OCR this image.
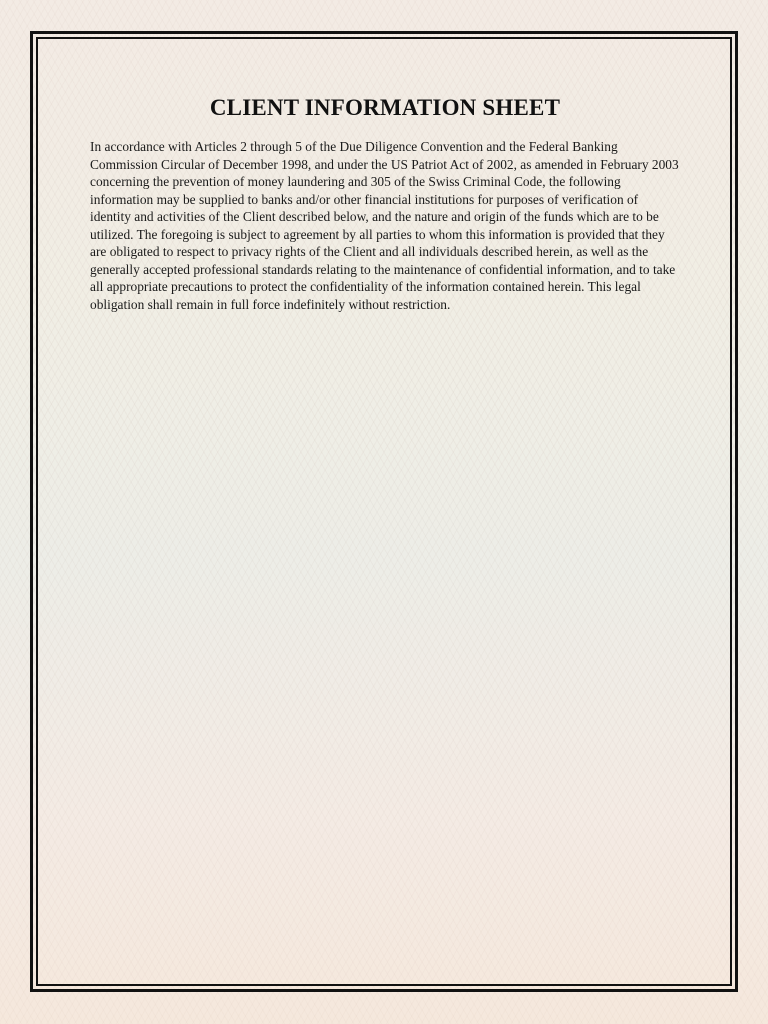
CLIENT INFORMATION SHEET

In accordance with Articles 2 through 5 of the Due Diligence Convention and the Federal Banking Commission Circular of December 1998, and under the US Patriot Act of 2002, as amended in February 2003 concerning the prevention of money laundering and 305 of the Swiss Criminal Code, the following information may be supplied to banks and/or other financial institutions for purposes of verification of identity and activities of the Client described below, and the nature and origin of the funds which are to be utilized. The foregoing is subject to agreement by all parties to whom this information is provided that they are obligated to respect to privacy rights of the Client and all individuals described herein, as well as the generally accepted professional standards relating to the maintenance of confidential information, and to take all appropriate precautions to protect the confidentiality of the information contained herein. This legal obligation shall remain in full force indefinitely without restriction.
